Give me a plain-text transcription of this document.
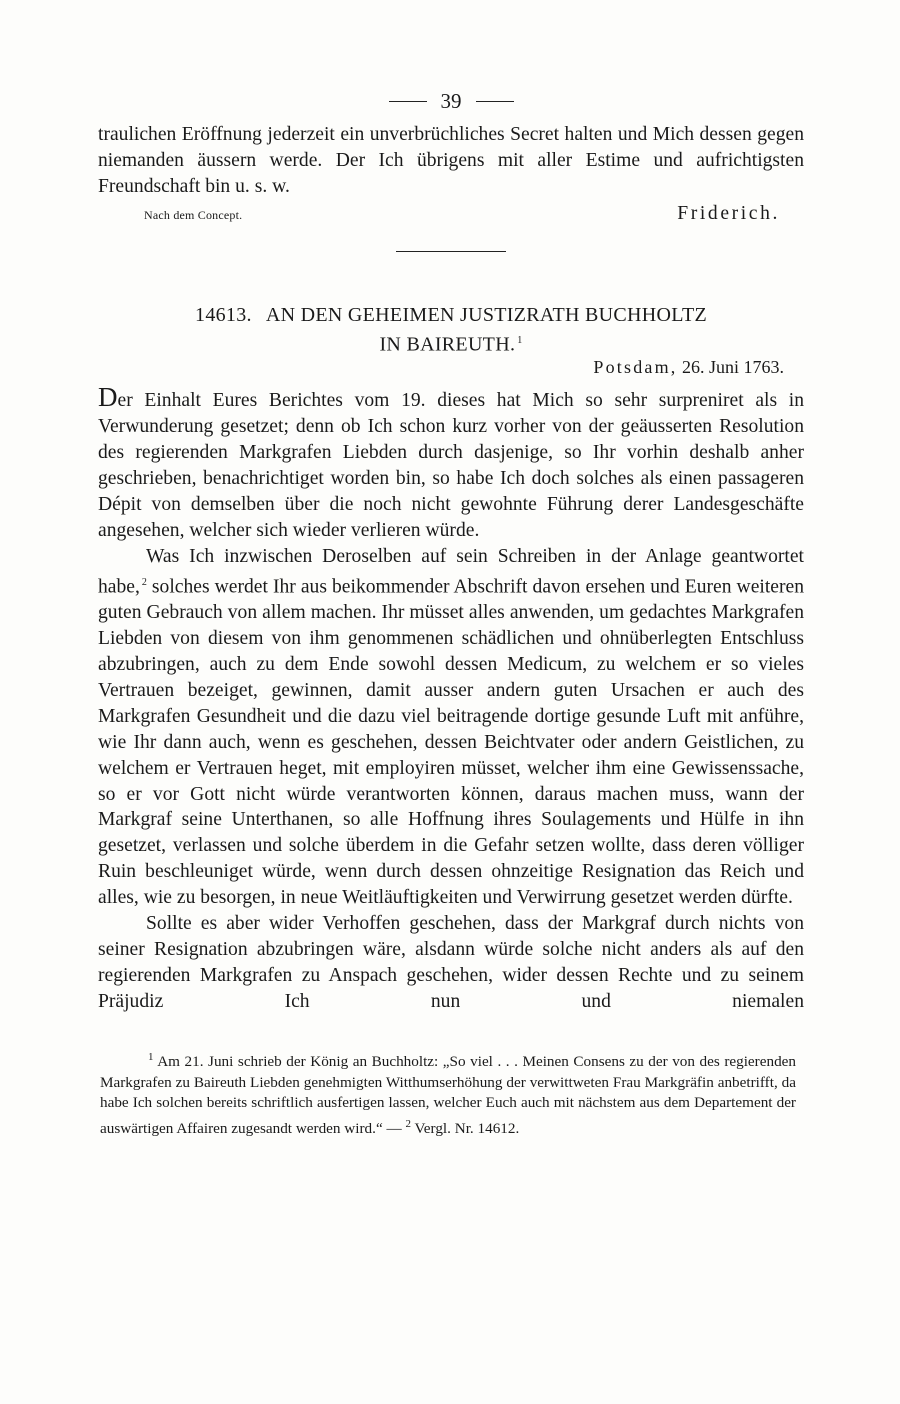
39

traulichen Eröffnung jederzeit ein unverbrüchliches Secret halten und Mich dessen gegen niemanden äussern werde. Der Ich übrigens mit aller Estime und aufrichtigsten Freundschaft bin u. s. w.

Nach dem Concept.	Friderich.
14613. AN DEN GEHEIMEN JUSTIZRATH BUCHHOLTZ
IN BAIREUTH. $^1$
Potsdam, 26. Juni 1763.

Der Einhalt Eures Berichtes vom 19. dieses hat Mich so sehr surpreniret als in Verwunderung gesetzet; denn ob Ich schon kurz vorher von der geäusserten Resolution des regierenden Markgrafen Liebden durch dasjenige, so Ihr vorhin deshalb anher geschrieben, benachrichtiget worden bin, so habe Ich doch solches als einen passageren Dépit von demselben über die noch nicht gewohnte Führung derer Landesgeschäfte angesehen, welcher sich wieder verlieren würde.

Was Ich inzwischen Deroselben auf sein Schreiben in der Anlage geantwortet habe, $^2$ solches werdet Ihr aus beikommender Abschrift davon ersehen und Euren weiteren guten Gebrauch von allem machen. Ihr müsset alles anwenden, um gedachtes Markgrafen Liebden von diesem von ihm genommenen schädlichen und ohnüberlegten Entschluss abzubringen, auch zu dem Ende sowohl dessen Medicum, zu welchem er so vieles Vertrauen bezeiget, gewinnen, damit ausser andern guten Ursachen er auch des Markgrafen Gesundheit und die dazu viel beitragende dortige gesunde Luft mit anführe, wie Ihr dann auch, wenn es geschehen, dessen Beichtvater oder andern Geistlichen, zu welchem er Vertrauen heget, mit employiren müsset, welcher ihm eine Gewissenssache, so er vor Gott nicht würde verantworten können, daraus machen muss, wann der Markgraf seine Unterthanen, so alle Hoffnung ihres Soulagements und Hülfe in ihn gesetzet, verlassen und solche überdem in die Gefahr setzen wollte, dass deren völliger Ruin beschleuniget würde, wenn durch dessen ohnzeitige Resignation das Reich und alles, wie zu besorgen, in neue Weitläuftigkeiten und Verwirrung gesetzet werden dürfte.

Sollte es aber wider Verhoffen geschehen, dass der Markgraf durch nichts von seiner Resignation abzubringen wäre, alsdann würde solche nicht anders als auf den regierenden Markgrafen zu Anspach geschehen, wider dessen Rechte und zu seinem Präjudiz Ich nun und niemalen

$^1$ Am 21. Juni schrieb der König an Buchholtz: „So viel . . . Meinen Consens zu der von des regierenden Markgrafen zu Baireuth Liebden genehmigten Witthumserhöhung der verwittweten Frau Markgräfin anbetrifft, da habe Ich solchen bereits schriftlich ausfertigen lassen, welcher Euch auch mit nächstem aus dem Departement der auswärtigen Affairen zugesandt werden wird.“ — $^2$ Vergl. Nr. 14612.
